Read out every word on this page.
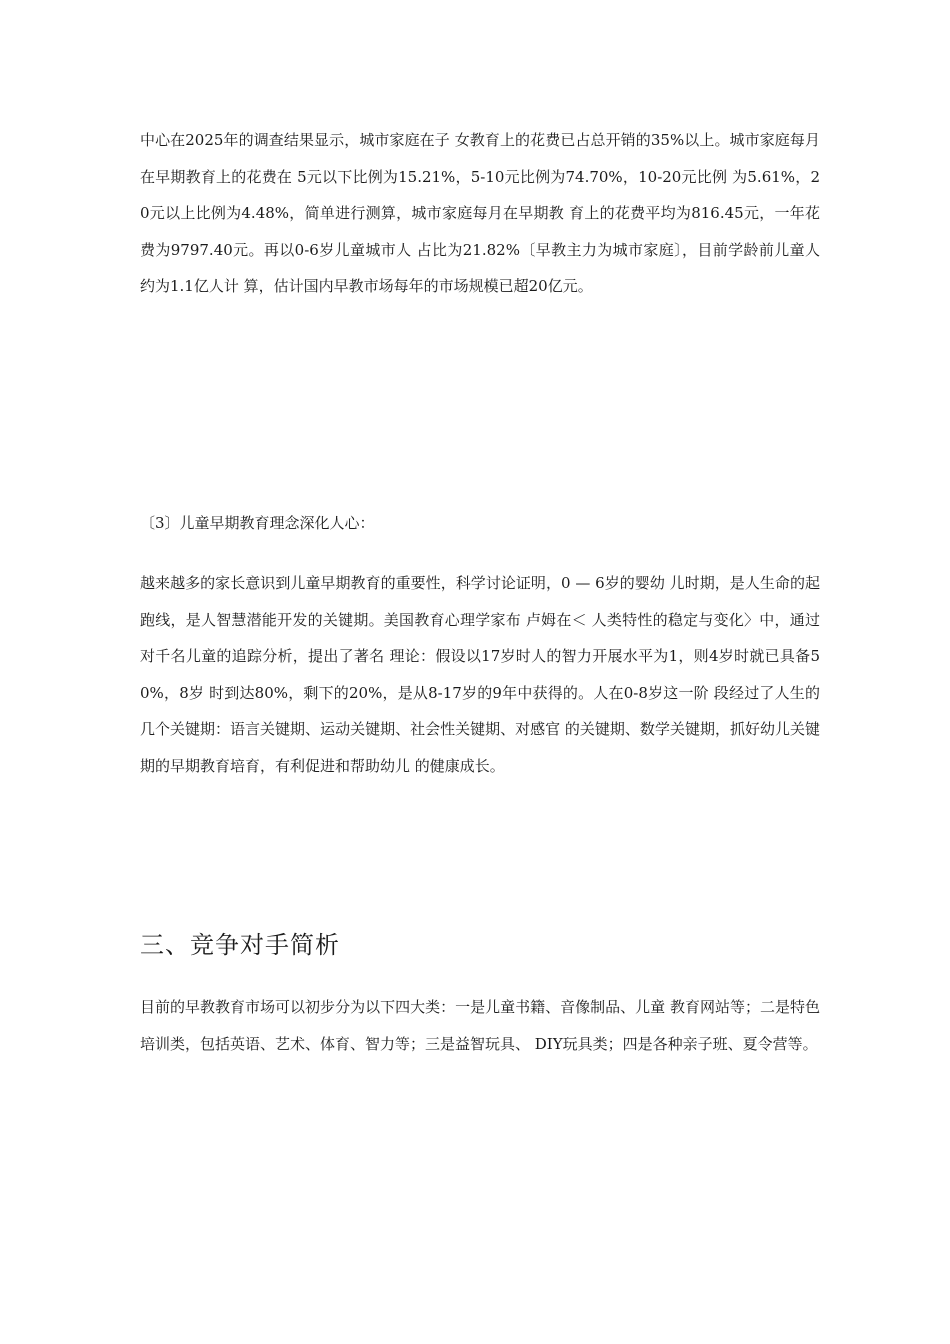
中心在2025年的调查结果显示，城市家庭在子 女教育上的花费已占总开销的35%以上。城市家庭每月在早期教育上的花费在 5元以下比例为15.21%，5-10元比例为74.70%，10-20元比例 为5.61%，20元以上比例为4.48%，简单进行测算，城市家庭每月在早期教 育上的花费平均为816.45元，一年花费为9797.40元。再以0-6岁儿童城市人 占比为21.82%〔早教主力为城市家庭〕，目前学龄前儿童人约为1.1亿人计 算，估计国内早教市场每年的市场规模已超20亿元。

〔3〕儿童早期教育理念深化人心：

越来越多的家长意识到儿童早期教育的重要性，科学讨论证明，0 — 6岁的婴幼 儿时期，是人生命的起跑线，是人智慧潜能开发的关键期。美国教育心理学家布 卢姆在＜ 人类特性的稳定与变化〉中，通过对千名儿童的追踪分析，提出了著名 理论：假设以17岁时人的智力开展水平为1，则4岁时就已具备50%，8岁 时到达80%，剩下的20%，是从8-17岁的9年中获得的。人在0-8岁这一阶 段经过了人生的几个关键期：语言关键期、运动关键期、社会性关键期、对感官 的关键期、数学关键期，抓好幼儿关键期的早期教育培育，有利促进和帮助幼儿 的健康成长。

三、竞争对手简析

目前的早教教育市场可以初步分为以下四大类：一是儿童书籍、音像制品、儿童 教育网站等；二是特色培训类，包括英语、艺术、体育、智力等；三是益智玩具、 DIY玩具类；四是各种亲子班、夏令营等。
